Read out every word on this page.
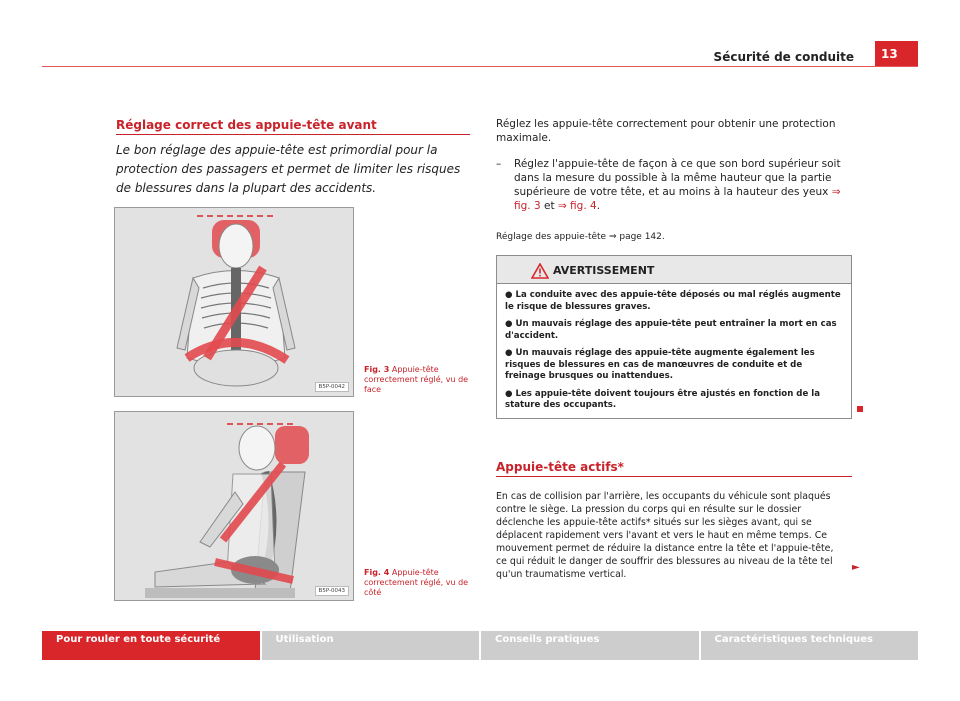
Sécurité de conduite	13
Réglage correct des appuie-tête avant
Le bon réglage des appuie-tête est primordial pour la protection des passagers et permet de limiter les risques de blessures dans la plupart des accidents.
B5P-0042
Fig. 3 Appuie-tête correctement réglé, vu de face
B5P-0043
Fig. 4 Appuie-tête correctement réglé, vu de côté
Réglez les appuie-tête correctement pour obtenir une protection maximale.
–	Réglez l'appuie-tête de façon à ce que son bord supérieur soit dans la mesure du possible à la même hauteur que la partie supérieure de votre tête, et au moins à la hauteur des yeux ⇒ fig. 3 et ⇒ fig. 4.
Réglage des appuie-tête ⇒ page 142.
AVERTISSEMENT
● La conduite avec des appuie-tête déposés ou mal réglés augmente le risque de blessures graves.
● Un mauvais réglage des appuie-tête peut entraîner la mort en cas d'accident.
● Un mauvais réglage des appuie-tête augmente également les risques de blessures en cas de manœuvres de conduite et de freinage brusques ou inattendues.
● Les appuie-tête doivent toujours être ajustés en fonction de la stature des occupants.
Appuie-tête actifs*
En cas de collision par l'arrière, les occupants du véhicule sont plaqués contre le siège. La pression du corps qui en résulte sur le dossier déclenche les appuie-tête actifs* situés sur les sièges avant, qui se déplacent rapidement vers l'avant et vers le haut en même temps. Ce mouvement permet de réduire la distance entre la tête et l'appuie-tête, ce qui réduit le danger de souffrir des blessures au niveau de la tête tel qu'un traumatisme vertical.
►
Pour rouler en toute sécurité	Utilisation	Conseils pratiques	Caractéristiques techniques
